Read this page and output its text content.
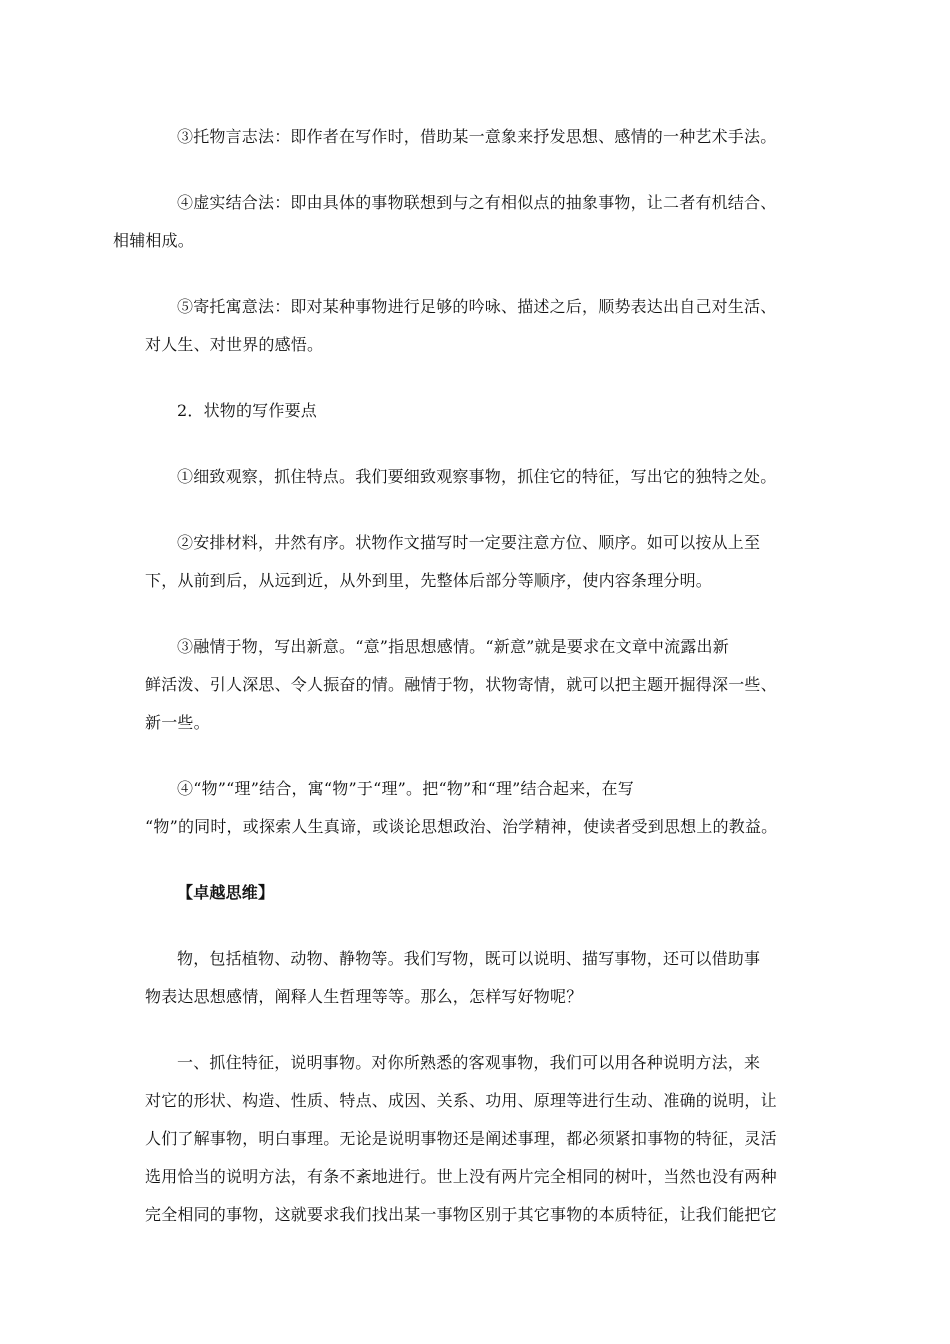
③托物言志法：即作者在写作时，借助某一意象来抒发思想、感情的一种艺术手法。

④虚实结合法：即由具体的事物联想到与之有相似点的抽象事物，让二者有机结合、
相辅相成。

⑤寄托寓意法：即对某种事物进行足够的吟咏、描述之后，顺势表达出自己对生活、
对人生、对世界的感悟。

2．状物的写作要点

①细致观察，抓住特点。我们要细致观察事物，抓住它的特征，写出它的独特之处。

②安排材料，井然有序。状物作文描写时一定要注意方位、顺序。如可以按从上至
下，从前到后，从远到近，从外到里，先整体后部分等顺序，使内容条理分明。

③融情于物，写出新意。“意”指思想感情。“新意”就是要求在文章中流露出新
鲜活泼、引人深思、令人振奋的情。融情于物，状物寄情，就可以把主题开掘得深一些、
新一些。

④“物”“理”结合，寓“物”于“理”。把“物”和“理”结合起来，在写
“物”的同时，或探索人生真谛，或谈论思想政治、治学精神，使读者受到思想上的教益。

【卓越思维】

物，包括植物、动物、静物等。我们写物，既可以说明、描写事物，还可以借助事
物表达思想感情，阐释人生哲理等等。那么，怎样写好物呢？

一、抓住特征，说明事物。对你所熟悉的客观事物，我们可以用各种说明方法，来
对它的形状、构造、性质、特点、成因、关系、功用、原理等进行生动、准确的说明，让
人们了解事物，明白事理。无论是说明事物还是阐述事理，都必须紧扣事物的特征，灵活
选用恰当的说明方法，有条不紊地进行。世上没有两片完全相同的树叶，当然也没有两种
完全相同的事物，这就要求我们找出某一事物区别于其它事物的本质特征，让我们能把它
